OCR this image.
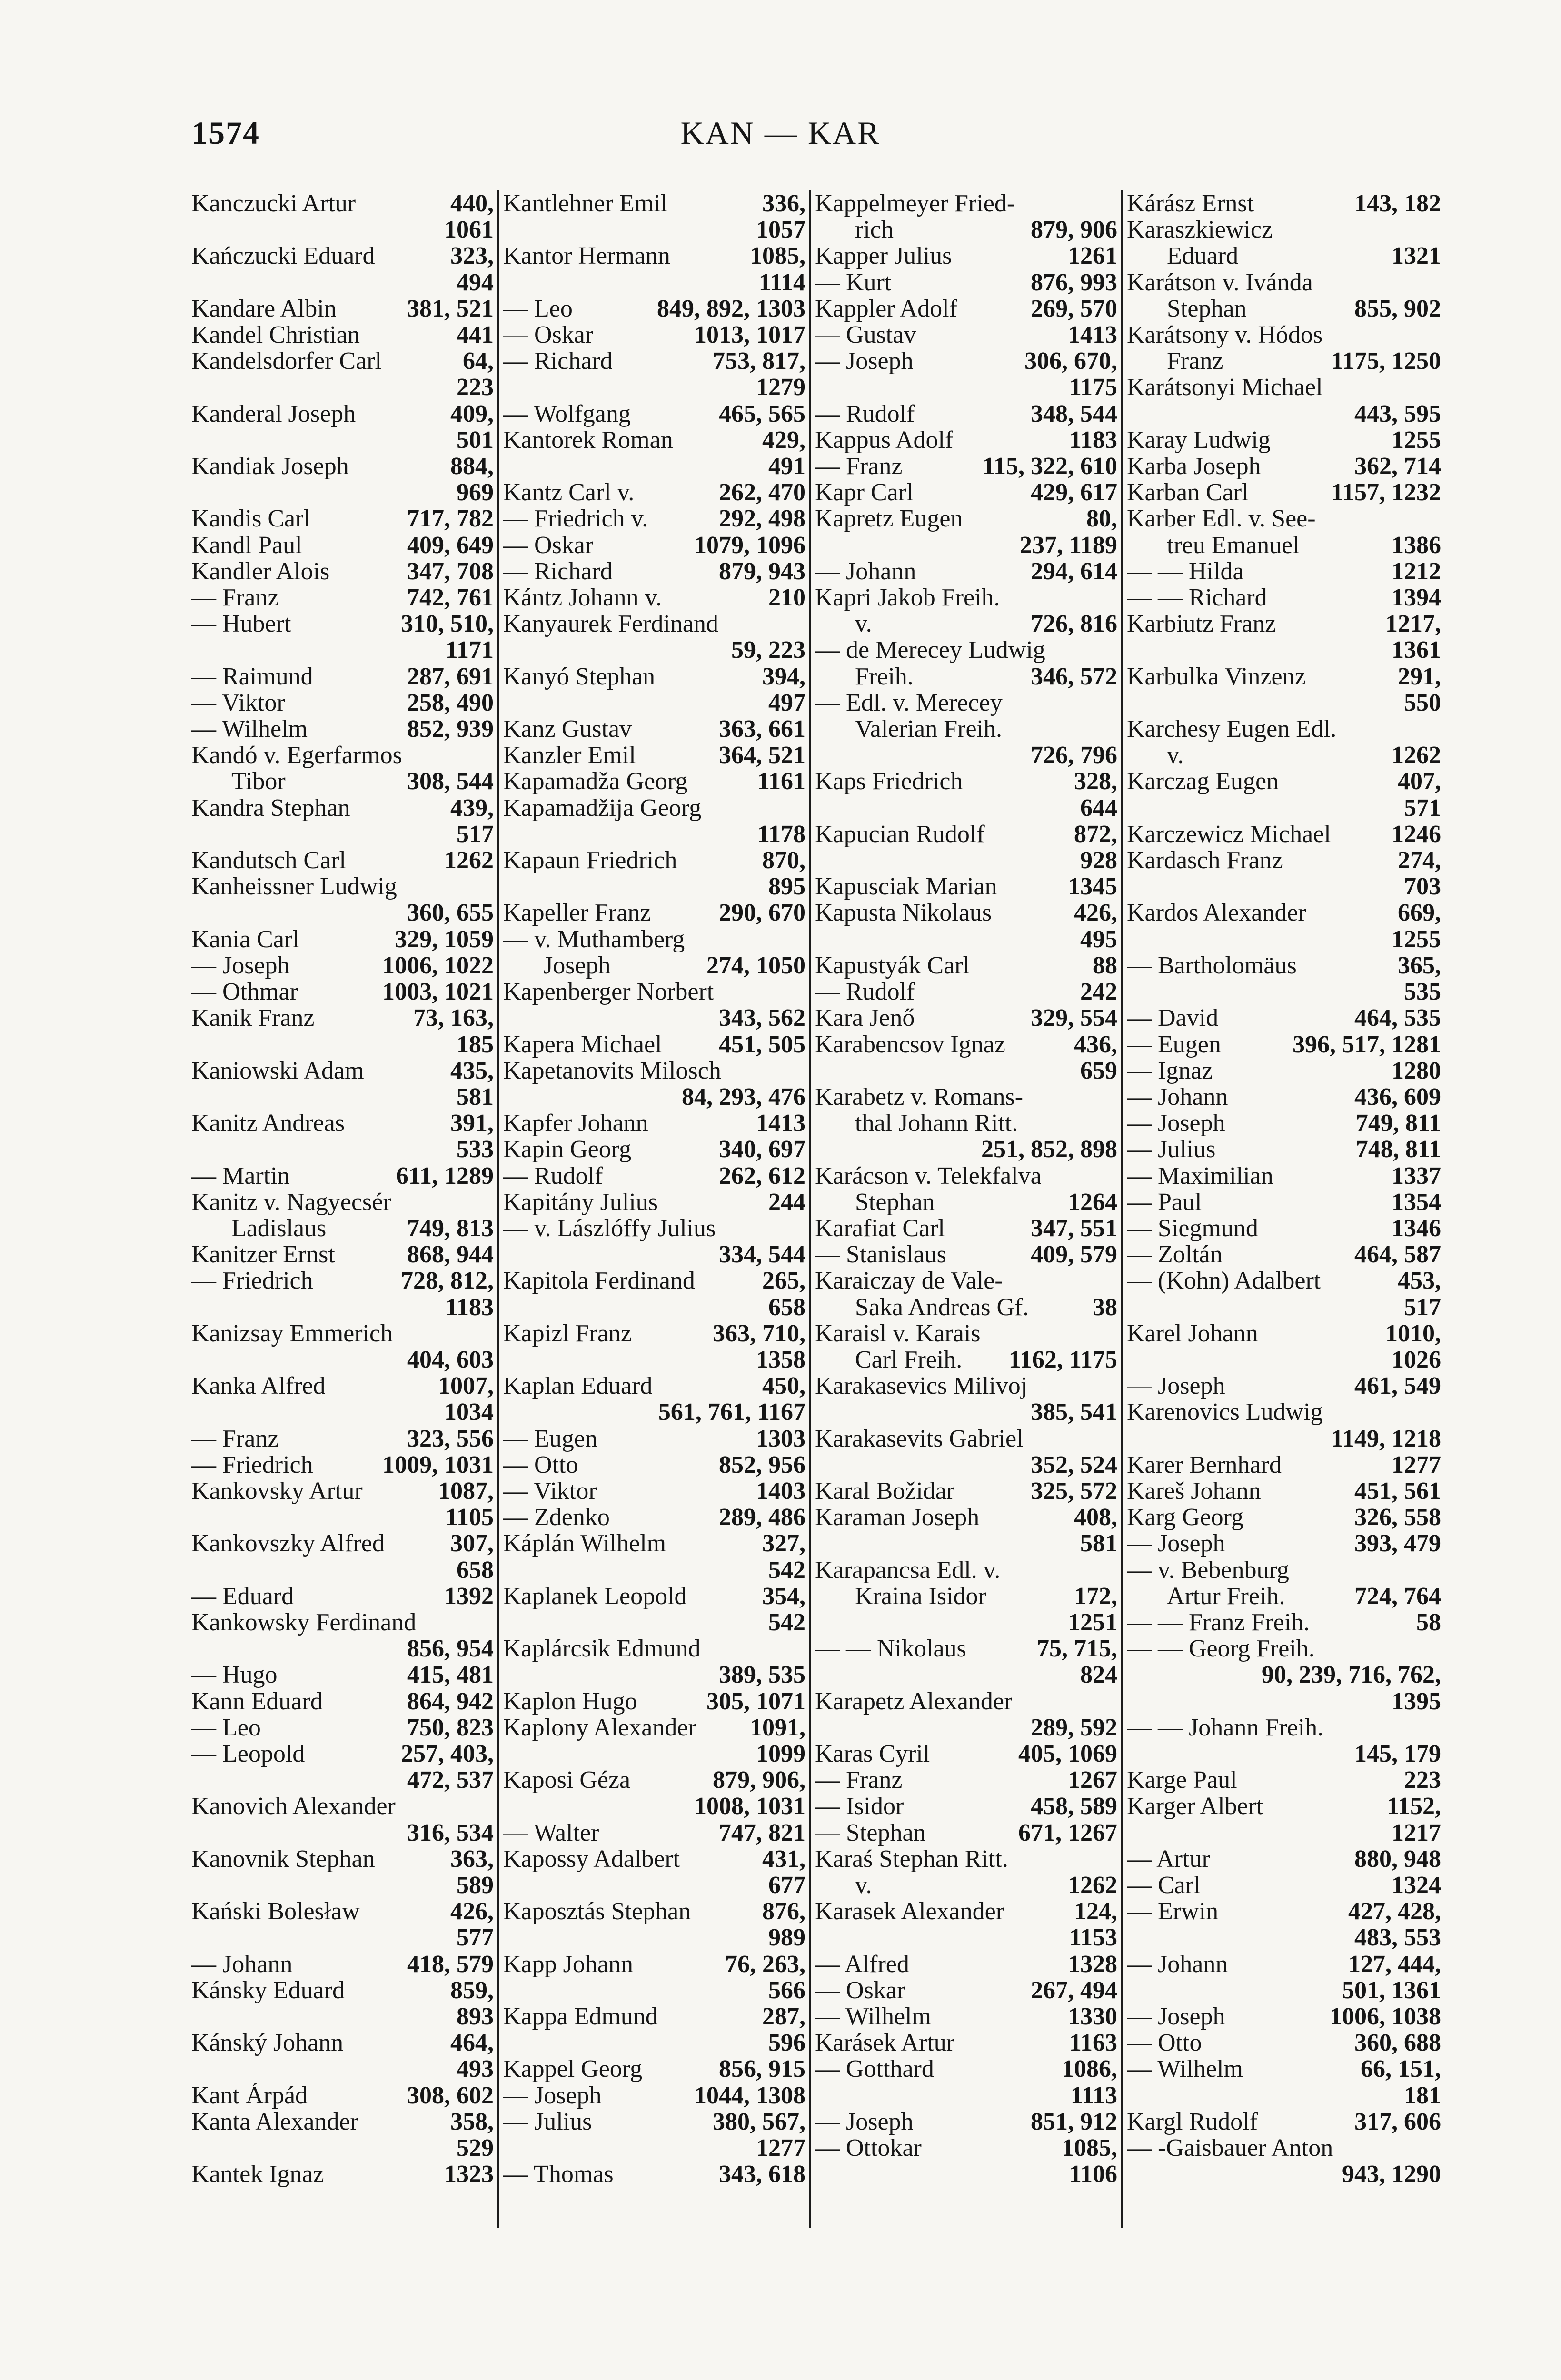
1574	KAN — KAR
Kanczucki Artur	440,
1061
Kańczucki Eduard	323,
494
Kandare Albin	381, 521
Kandel Christian	441
Kandelsdorfer Carl	64,
223
Kanderal Joseph	409,
501
Kandiak Joseph	884,
969
Kandis Carl	717, 782
Kandl Paul	409, 649
Kandler Alois	347, 708
— Franz	742, 761
— Hubert	310, 510,
1171
— Raimund	287, 691
— Viktor	258, 490
— Wilhelm	852, 939
Kandó v. Egerfarmos
Tibor	308, 544
Kandra Stephan	439,
517
Kandutsch Carl	1262
Kanheissner Ludwig
360, 655
Kania Carl	329, 1059
— Joseph	1006, 1022
— Othmar	1003, 1021
Kanik Franz	73, 163,
185
Kaniowski Adam	435,
581
Kanitz Andreas	391,
533
— Martin	611, 1289
Kanitz v. Nagyecsér
Ladislaus	749, 813
Kanitzer Ernst	868, 944
— Friedrich	728, 812,
1183
Kanizsay Emmerich
404, 603
Kanka Alfred	1007,
1034
— Franz	323, 556
— Friedrich	1009, 1031
Kankovsky Artur	1087,
1105
Kankovszky Alfred	307,
658
— Eduard	1392
Kankowsky Ferdinand
856, 954
— Hugo	415, 481
Kann Eduard	864, 942
— Leo	750, 823
— Leopold	257, 403,
472, 537
Kanovich Alexander
316, 534
Kanovnik Stephan	363,
589
Kański Bolesław	426,
577
— Johann	418, 579
Kánsky Eduard	859,
893
Kánský Johann	464,
493
Kant Árpád	308, 602
Kanta Alexander	358,
529
Kantek Ignaz	1323
Kantlehner Emil	336,
1057
Kantor Hermann	1085,
1114
— Leo	849, 892, 1303
— Oskar	1013, 1017
— Richard	753, 817,
1279
— Wolfgang	465, 565
Kantorek Roman	429,
491
Kantz Carl v.	262, 470
— Friedrich v.	292, 498
— Oskar	1079, 1096
— Richard	879, 943
Kántz Johann v.	210
Kanyaurek Ferdinand
59, 223
Kanyó Stephan	394,
497
Kanz Gustav	363, 661
Kanzler Emil	364, 521
Kapamadža Georg	1161
Kapamadžija Georg
1178
Kapaun Friedrich	870,
895
Kapeller Franz	290, 670
— v. Muthamberg
Joseph	274, 1050
Kapenberger Norbert
343, 562
Kapera Michael 451, 505
Kapetanovits Milosch
84, 293, 476
Kapfer Johann	1413
Kapin Georg	340, 697
— Rudolf	262, 612
Kapitány Julius	244
— v. Lászlóffy Julius
334, 544
Kapitola Ferdinand	265,
658
Kapizl Franz	363, 710,
1358
Kaplan Eduard	450,
561, 761, 1167
— Eugen	1303
— Otto	852, 956
— Viktor	1403
— Zdenko	289, 486
Káplán Wilhelm	327,
542
Kaplanek Leopold	354,
542
Kaplárcsik Edmund
389, 535
Kaplon Hugo	305, 1071
Kaplony Alexander 1091,
1099
Kaposi Géza	879, 906,
1008, 1031
— Walter	747, 821
Kapossy Adalbert	431,
677
Kaposztás Stephan	876,
989
Kapp Johann	76, 263,
566
Kappa Edmund	287,
596
Kappel Georg	856, 915
— Joseph	1044, 1308
— Julius	380, 567,
1277
— Thomas	343, 618
Kappelmeyer Fried-
rich	879, 906
Kapper Julius	1261
— Kurt	876, 993
Kappler Adolf	269, 570
— Gustav	1413
— Joseph	306, 670,
1175
— Rudolf	348, 544
Kappus Adolf	1183
— Franz	115, 322, 610
Kapr Carl	429, 617
Kapretz Eugen	80,
237, 1189
— Johann	294, 614
Kapri Jakob Freih.
v.	726, 816
— de Merecey Ludwig
Freih.	346, 572
— Edl. v. Merecey
Valerian Freih.
726, 796
Kaps Friedrich	328,
644
Kapucian Rudolf	872,
928
Kapusciak Marian	1345
Kapusta Nikolaus	426,
495
Kapustyák Carl	88
— Rudolf	242
Kara Jenő	329, 554
Karabencsov Ignaz	436,
659
Karabetz v. Romans-
thal Johann Ritt.
251, 852, 898
Karácson v. Telekfalva
Stephan	1264
Karafiat Carl	347, 551
— Stanislaus	409, 579
Karaiczay de Vale-
Saka Andreas Gf.	38
Karaisl v. Karais
Carl Freih. 1162, 1175
Karakasevics Milivoj
385, 541
Karakasevits Gabriel
352, 524
Karal Božidar	325, 572
Karaman Joseph	408,
581
Karapancsa Edl. v.
Kraina Isidor	172,
1251
— — Nikolaus	75, 715,
824
Karapetz Alexander
289, 592
Karas Cyril	405, 1069
— Franz	1267
— Isidor	458, 589
— Stephan	671, 1267
Karaś Stephan Ritt.
v.	1262
Karasek Alexander	124,
1153
— Alfred	1328
— Oskar	267, 494
— Wilhelm	1330
Karásek Artur	1163
— Gotthard	1086,
1113
— Joseph	851, 912
— Ottokar	1085,
1106
Kárász Ernst	143, 182
Karaszkiewicz
Eduard	1321
Karátson v. Ivánda
Stephan	855, 902
Karátsony v. Hódos
Franz	1175, 1250
Karátsonyi Michael
443, 595
Karay Ludwig	1255
Karba Joseph	362, 714
Karban Carl	1157, 1232
Karber Edl. v. See-
treu Emanuel	1386
— — Hilda	1212
— — Richard	1394
Karbiutz Franz	1217,
1361
Karbulka Vinzenz	291,
550
Karchesy Eugen Edl.
v.	1262
Karczag Eugen	407,
571
Karczewicz Michael 1246
Kardasch Franz	274,
703
Kardos Alexander	669,
1255
— Bartholomäus	365,
535
— David	464, 535
— Eugen	396, 517, 1281
— Ignaz	1280
— Johann	436, 609
— Joseph	749, 811
— Julius	748, 811
— Maximilian	1337
— Paul	1354
— Siegmund	1346
— Zoltán	464, 587
— (Kohn) Adalbert	453,
517
Karel Johann	1010,
1026
— Joseph	461, 549
Karenovics Ludwig
1149, 1218
Karer Bernhard	1277
Kareš Johann	451, 561
Karg Georg	326, 558
— Joseph	393, 479
— v. Bebenburg
Artur Freih.	724, 764
— — Franz Freih.	58
— — Georg Freih.
90, 239, 716, 762,
1395
— — Johann Freih.
145, 179
Karge Paul	223
Karger Albert	1152,
1217
— Artur	880, 948
— Carl	1324
— Erwin	427, 428,
483, 553
— Johann	127, 444,
501, 1361
— Joseph	1006, 1038
— Otto	360, 688
— Wilhelm	66, 151,
181
Kargl Rudolf	317, 606
— -Gaisbauer Anton
943, 1290
